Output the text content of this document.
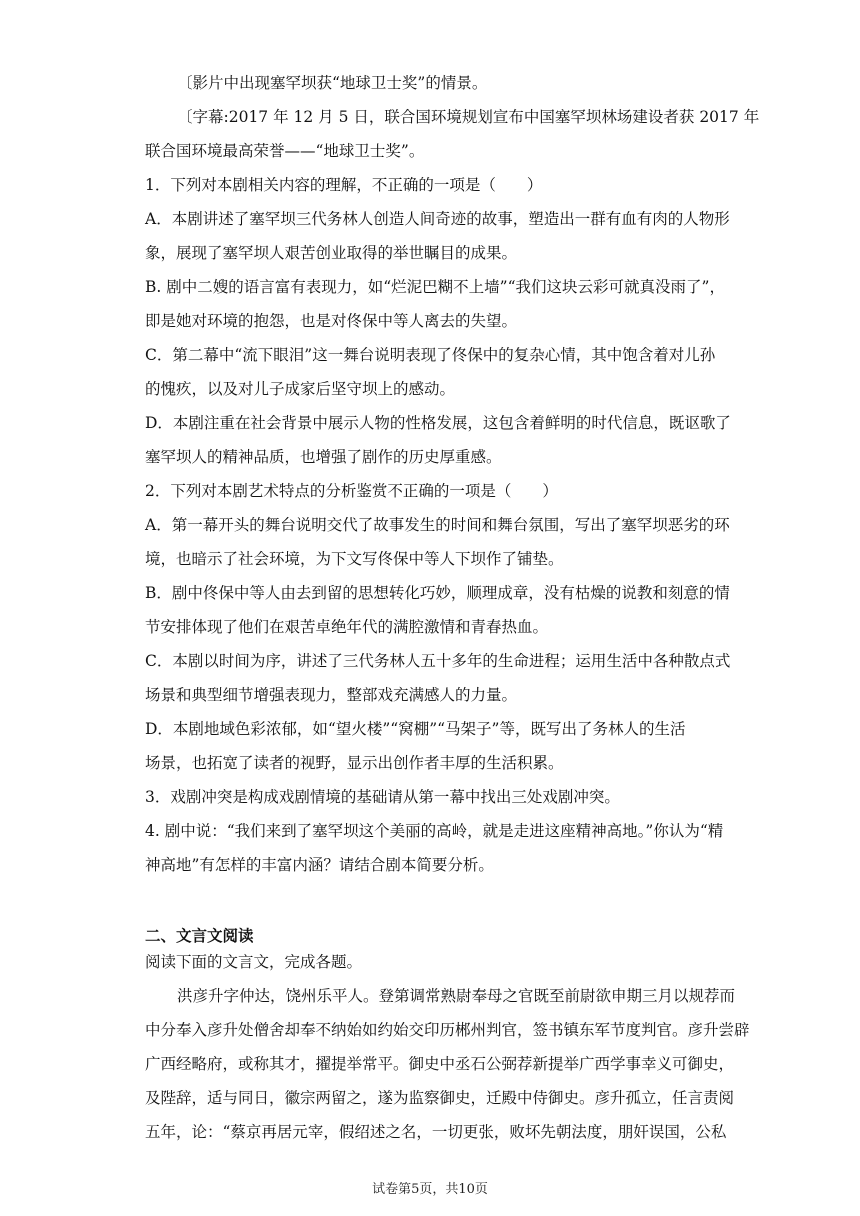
〔影片中出现塞罕坝获“地球卫士奖”的情景。
〔字幕:2017 年 12 月 5 日，联合国环境规划宣布中国塞罕坝林场建设者获 2017 年
联合国环境最高荣誉——“地球卫士奖”。
1．下列对本剧相关内容的理解，不正确的一项是（　　）
A．本剧讲述了塞罕坝三代务林人创造人间奇迹的故事，塑造出一群有血有肉的人物形
象，展现了塞罕坝人艰苦创业取得的举世瞩目的成果。
B. 剧中二嫂的语言富有表现力，如“烂泥巴糊不上墙”“我们这块云彩可就真没雨了”，
即是她对环境的抱怨，也是对佟保中等人离去的失望。
C．第二幕中“流下眼泪”这一舞台说明表现了佟保中的复杂心情，其中饱含着对儿孙
的愧疚，以及对儿子成家后坚守坝上的感动。
D．本剧注重在社会背景中展示人物的性格发展，这包含着鲜明的时代信息，既讴歌了
塞罕坝人的精神品质，也增强了剧作的历史厚重感。
2．下列对本剧艺术特点的分析鉴赏不正确的一项是（　　）
A．第一幕开头的舞台说明交代了故事发生的时间和舞台氛围，写出了塞罕坝恶劣的环
境，也暗示了社会环境，为下文写佟保中等人下坝作了铺垫。
B．剧中佟保中等人由去到留的思想转化巧妙，顺理成章，没有枯燥的说教和刻意的情
节安排体现了他们在艰苦卓绝年代的满腔激情和青春热血。
C．本剧以时间为序，讲述了三代务林人五十多年的生命进程；运用生活中各种散点式
场景和典型细节增强表现力，整部戏充满感人的力量。
D．本剧地域色彩浓郁，如“望火楼”“窝棚”“马架子”等，既写出了务林人的生活
场景，也拓宽了读者的视野，显示出创作者丰厚的生活积累。
3．戏剧冲突是构成戏剧情境的基础请从第一幕中找出三处戏剧冲突。
4. 剧中说：“我们来到了塞罕坝这个美丽的高岭，就是走进这座精神高地。”你认为“精
神高地”有怎样的丰富内涵？请结合剧本简要分析。
二、文言文阅读
阅读下面的文言文，完成各题。
洪彦升字仲达，饶州乐平人。登第调常熟尉奉母之官既至前尉欲申期三月以规荐而
中分奉入彦升处僧舍却奉不纳始如约始交印历郴州判官，签书镇东军节度判官。彦升尝辟
广西经略府，或称其才，擢提举常平。御史中丞石公弼荐新提举广西学事幸义可御史，
及陛辞，适与同日，徽宗两留之，遂为监察御史，迁殿中侍御史。彦升孤立，任言责阅
五年，论：“蔡京再居元宰，假绍述之名，一切更张，败坏先朝法度，朋奸误国，公私
试卷第5页，共10页
